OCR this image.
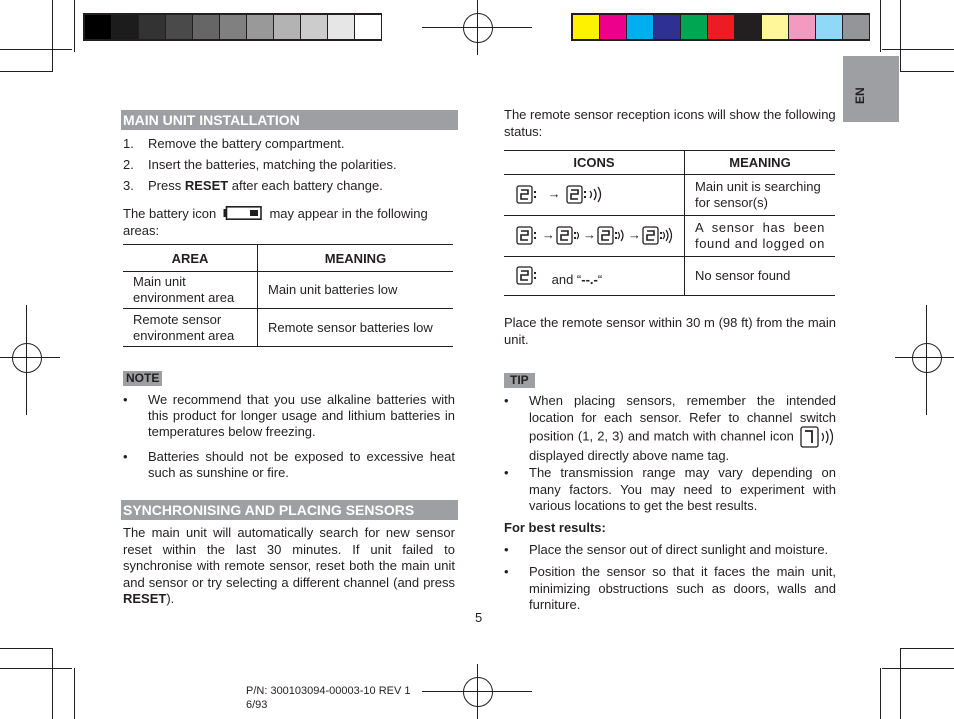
EN
MAIN UNIT INSTALLATION
1. Remove the battery compartment.
2. Insert the batteries, matching the polarities.
3. Press RESET after each battery change.
The battery icon	may appear in the following
areas:
AREA	MEANING
Main unit environment area	Main unit batteries low
Remote sensor environment area	Remote sensor batteries low
NOTE
• We recommend that you use alkaline batteries with this product for longer usage and lithium batteries in temperatures below freezing.
• Batteries should not be exposed to excessive heat such as sunshine or fire.
SYNCHRONISING AND PLACING SENSORS

The main unit will automatically search for new sensor reset within the last 30 minutes. If unit failed to synchronise with remote sensor, reset both the main unit and sensor or try selecting a different channel (and press RESET).

The remote sensor reception icons will show the following status:

ICONS	MEANING
→	Main unit is searching for sensor(s)
→ → →	A sensor has been found and logged on
and “--.-“	No sensor found

Place the remote sensor within 30 m (98 ft) from the main unit.

TIP
• When placing sensors, remember the intended location for each sensor. Refer to channel switch position (1, 2, 3) and match with channel icon  displayed directly above name tag.
• The transmission range may vary depending on many factors. You may need to experiment with various locations to get the best results.
For best results:
• Place the sensor out of direct sunlight and moisture.
• Position the sensor so that it faces the main unit, minimizing obstructions such as doors, walls and furniture.
5
P/N: 300103094-00003-10 REV 1
6/93
